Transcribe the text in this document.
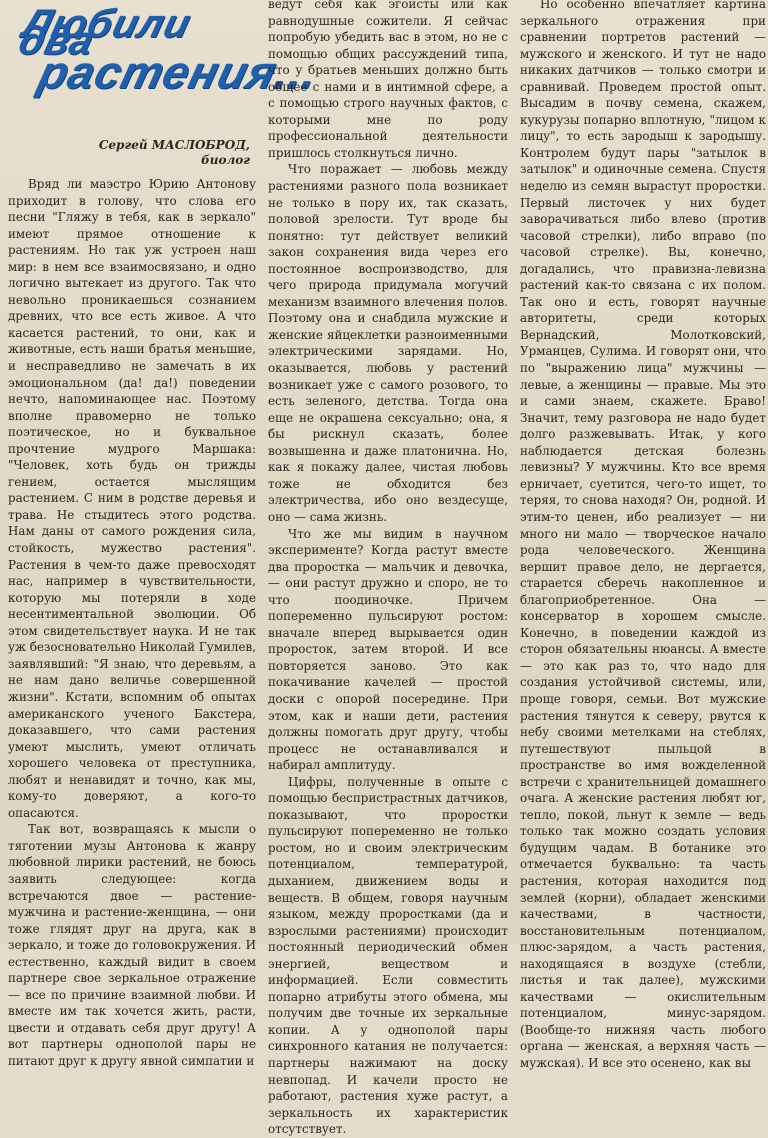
Любили два
растения...
Сергей МАСЛОБРОД,
биолог

Вряд ли маэстро Юрию Антонову приходит в голову, что слова его песни "Гляжу в тебя, как в зеркало" имеют прямое отношение к растениям. Но так уж устроен наш мир: в нем все взаимосвязано, и одно логично вытекает из другого. Так что невольно проникаешься сознанием древних, что все есть живое. А что касается растений, то они, как и животные, есть наши братья меньшие, и несправедливо не замечать в их эмоциональном (да! да!) поведении нечто, напоминающее нас. Поэтому вполне правомерно не только поэтическое, но и буквальное прочтение мудрого Маршака: "Человек, хоть будь он трижды гением, остается мыслящим растением. С ним в родстве деревья и трава. Не стыдитесь этого родства. Нам даны от самого рождения сила, стойкость, мужество растения". Растения в чем-то даже превосходят нас, например в чувствительности, которую мы потеряли в ходе несентиментальной эволюции. Об этом свидетельствует наука. И не так уж безосновательно Николай Гумилев, заявлявший: "Я знаю, что деревьям, а не нам дано величье совершенной жизни". Кстати, вспомним об опытах американского ученого Бакстера, доказавшего, что сами растения умеют мыслить, умеют отличать хорошего человека от преступника, любят и ненавидят и точно, как мы, кому-то доверяют, а кого-то опасаются.

Так вот, возвращаясь к мысли о тяготении музы Антонова к жанру любовной лирики растений, не боюсь заявить следующее: когда встречаются двое — растение-мужчина и растение-женщина, — они тоже глядят друг на друга, как в зеркало, и тоже до головокружения. И естественно, каждый видит в своем партнере свое зеркальное отражение — все по причине взаимной любви. И вместе им так хочется жить, расти, цвести и отдавать себя друг другу! А вот партнеры однополой пары не питают друг к другу явной симпатии и

ведут себя как эгоисты или как равнодушные сожители. Я сейчас попробую убедить вас в этом, но не с помощью общих рассуждений типа, что у братьев меньших должно быть общее с нами и в интимной сфере, а с помощью строго научных фактов, с которыми мне по роду профессиональной деятельности пришлось столкнуться лично.

Что поражает — любовь между растениями разного пола возникает не только в пору их, так сказать, половой зрелости. Тут вроде бы понятно: тут действует великий закон сохранения вида через его постоянное воспроизводство, для чего природа придумала могучий механизм взаимного влечения полов. Поэтому она и снабдила мужские и женские яйцеклетки разноименными электрическими зарядами. Но, оказывается, любовь у растений возникает уже с самого розового, то есть зеленого, детства. Тогда она еще не окрашена сексуально; она, я бы рискнул сказать, более возвышенна и даже платонична. Но, как я покажу далее, чистая любовь тоже не обходится без электричества, ибо оно вездесуще, оно — сама жизнь.

Что же мы видим в научном эксперименте? Когда растут вместе два проростка — мальчик и девочка, — они растут дружно и споро, не то что поодиночке. Причем попеременно пульсируют ростом: вначале вперед вырывается один проросток, затем второй. И все повторяется заново. Это как покачивание качелей — простой доски с опорой посередине. При этом, как и наши дети, растения должны помогать друг другу, чтобы процесс не останавливался и набирал амплитуду.

Цифры, полученные в опыте с помощью беспристрастных датчиков, показывают, что проростки пульсируют попеременно не только ростом, но и своим электрическим потенциалом, температурой, дыханием, движением воды и веществ. В общем, говоря научным языком, между проростками (да и взрослыми растениями) происходит постоянный периодический обмен энергией, веществом и информацией. Если совместить попарно атрибуты этого обмена, мы получим две точные их зеркальные копии. А у однополой пары синхронного катания не получается: партнеры нажимают на доску невпопад. И качели просто не работают, растения хуже растут, а зеркальность их характеристик отсутствует.

Но особенно впечатляет картина зеркального отражения при сравнении портретов растений — мужского и женского. И тут не надо никаких датчиков — только смотри и сравнивай. Проведем простой опыт. Высадим в почву семена, скажем, кукурузы попарно вплотную, "лицом к лицу", то есть зародыш к зародышу. Контролем будут пары "затылок в затылок" и одиночные семена. Спустя неделю из семян вырастут проростки. Первый листочек у них будет заворачиваться либо влево (против часовой стрелки), либо вправо (по часовой стрелке). Вы, конечно, догадались, что правизна-левизна растений как-то связана с их полом. Так оно и есть, говорят научные авторитеты, среди которых Вернадский, Молотковский, Урманцев, Сулима. И говорят они, что по "выражению лица" мужчины — левые, а женщины — правые. Мы это и сами знаем, скажете. Браво! Значит, тему разговора не надо будет долго разжевывать. Итак, у кого наблюдается детская болезнь левизны? У мужчины. Кто все время ерничает, суетится, чего-то ищет, то теряя, то снова находя? Он, родной. И этим-то ценен, ибо реализует — ни много ни мало — творческое начало рода человеческого. Женщина вершит правое дело, не дергается, старается сберечь накопленное и благоприобретенное. Она — консерватор в хорошем смысле. Конечно, в поведении каждой из сторон обязательны нюансы. А вместе — это как раз то, что надо для создания устойчивой системы, или, проще говоря, семьи. Вот мужские растения тянутся к северу, рвутся к небу своими метелками на стеблях, путешествуют пыльцой в пространстве во имя вожделенной встречи с хранительницей домашнего очага. А женские растения любят юг, тепло, покой, льнут к земле — ведь только так можно создать условия будущим чадам. В ботанике это отмечается буквально: та часть растения, которая находится под землей (корни), обладает женскими качествами, в частности, восстановительным потенциалом, плюс-зарядом, а часть растения, находящаяся в воздухе (стебли, листья и так далее), мужскими качествами — окислительным потенциалом, минус-зарядом. (Вообще-то нижняя часть любого органа — женская, а верхняя часть — мужская). И все это осенено, как вы
